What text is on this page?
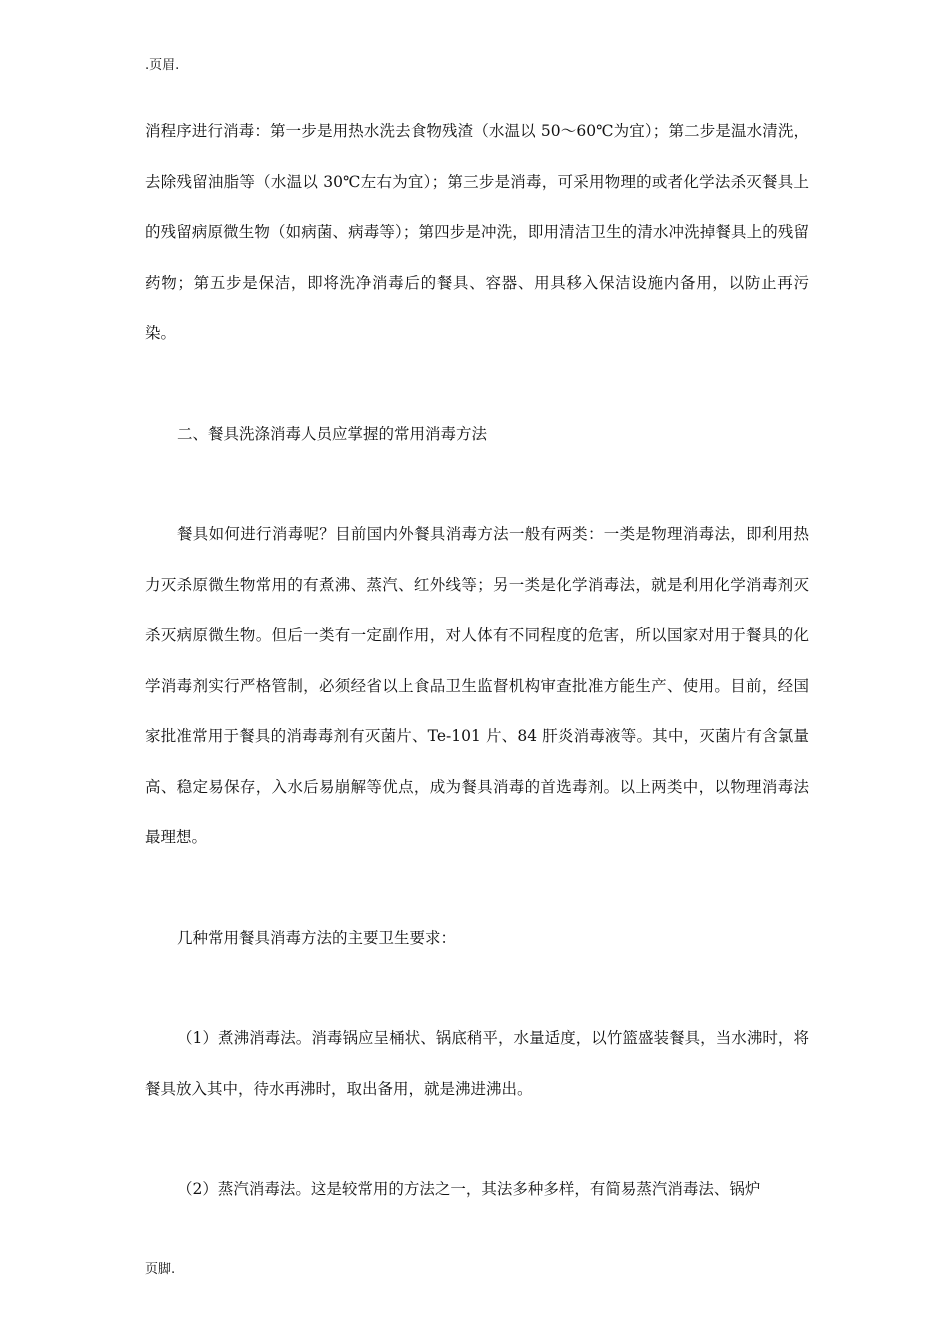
.页眉.

消程序进行消毒：第一步是用热水洗去食物残渣（水温以 50～60℃为宜）；第二步是温水清洗，去除残留油脂等（水温以 30℃左右为宜）；第三步是消毒，可采用物理的或者化学法杀灭餐具上的残留病原微生物（如病菌、病毒等）；第四步是冲洗，即用清洁卫生的清水冲洗掉餐具上的残留药物；第五步是保洁，即将洗净消毒后的餐具、容器、用具移入保洁设施内备用，以防止再污染。

二、餐具洗涤消毒人员应掌握的常用消毒方法

餐具如何进行消毒呢？目前国内外餐具消毒方法一般有两类：一类是物理消毒法，即利用热力灭杀原微生物常用的有煮沸、蒸汽、红外线等；另一类是化学消毒法，就是利用化学消毒剂灭杀灭病原微生物。但后一类有一定副作用，对人体有不同程度的危害，所以国家对用于餐具的化学消毒剂实行严格管制，必须经省以上食品卫生监督机构审查批准方能生产、使用。目前，经国家批准常用于餐具的消毒毒剂有灭菌片、Te-101 片、84 肝炎消毒液等。其中，灭菌片有含氯量高、稳定易保存，入水后易崩解等优点，成为餐具消毒的首选毒剂。以上两类中，以物理消毒法最理想。

几种常用餐具消毒方法的主要卫生要求：

（1）煮沸消毒法。消毒锅应呈桶状、锅底稍平，水量适度，以竹篮盛装餐具，当水沸时，将餐具放入其中，待水再沸时，取出备用，就是沸进沸出。

（2）蒸汽消毒法。这是较常用的方法之一，其法多种多样，有简易蒸汽消毒法、锅炉

页脚.
